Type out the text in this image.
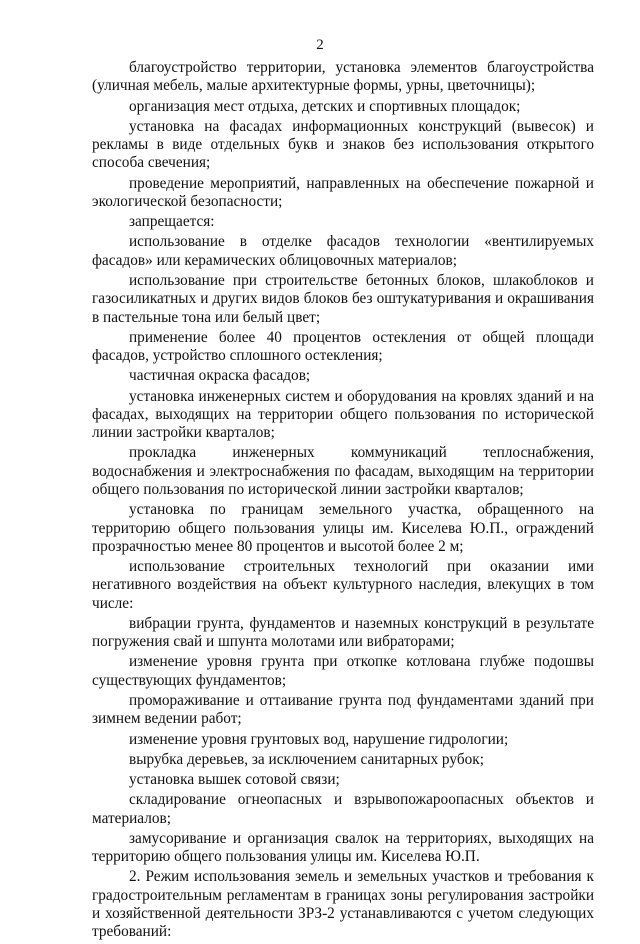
2

благоустройство территории, установка элементов благоустройства (уличная мебель, малые архитектурные формы, урны, цветочницы);

организация мест отдыха, детских и спортивных площадок;

установка на фасадах информационных конструкций (вывесок) и рекламы в виде отдельных букв и знаков без использования открытого способа свечения;

проведение мероприятий, направленных на обеспечение пожарной и экологической безопасности;

запрещается:

использование в отделке фасадов технологии «вентилируемых фасадов» или керамических облицовочных материалов;

использование при строительстве бетонных блоков, шлакоблоков и газосиликатных и других видов блоков без оштукатуривания и окрашивания в пастельные тона или белый цвет;

применение более 40 процентов остекления от общей площади фасадов, устройство сплошного остекления;

частичная окраска фасадов;

установка инженерных систем и оборудования на кровлях зданий и на фасадах, выходящих на территории общего пользования по исторической линии застройки кварталов;

прокладка инженерных коммуникаций теплоснабжения, водоснабжения и электроснабжения по фасадам, выходящим на территории общего пользования по исторической линии застройки кварталов;

установка по границам земельного участка, обращенного на территорию общего пользования улицы им. Киселева Ю.П., ограждений прозрачностью менее 80 процентов и высотой более 2 м;

использование строительных технологий при оказании ими негативного воздействия на объект культурного наследия, влекущих в том числе:

вибрации грунта, фундаментов и наземных конструкций в результате погружения свай и шпунта молотами или вибраторами;

изменение уровня грунта при откопке котлована глубже подошвы существующих фундаментов;

промораживание и оттаивание грунта под фундаментами зданий при зимнем ведении работ;

изменение уровня грунтовых вод, нарушение гидрологии;

вырубка деревьев, за исключением санитарных рубок;

установка вышек сотовой связи;

складирование огнеопасных и взрывопожароопасных объектов и материалов;

замусоривание и организация свалок на территориях, выходящих на территорию общего пользования улицы им. Киселева Ю.П.

2. Режим использования земель и земельных участков и требования к градостроительным регламентам в границах зоны регулирования застройки и хозяйственной деятельности ЗРЗ-2 устанавливаются с учетом следующих требований:
